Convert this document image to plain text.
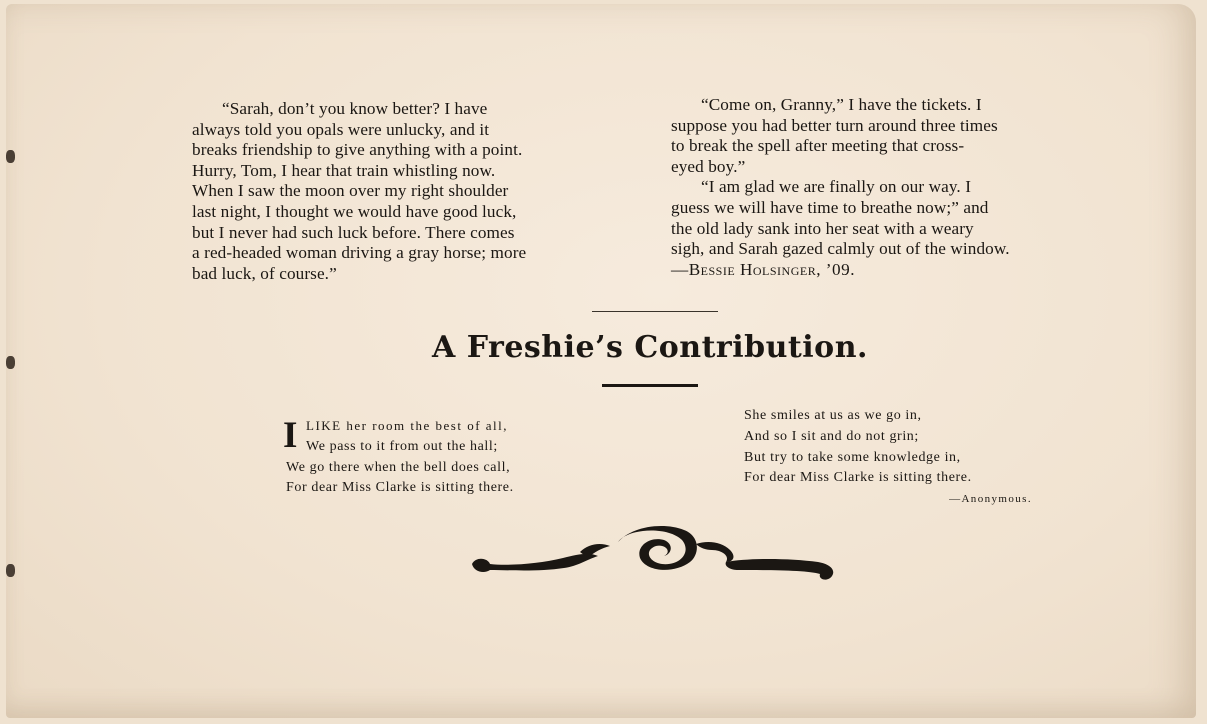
“Sarah, don’t you know better? I have
always told you opals were unlucky, and it
breaks friendship to give anything with a point.
Hurry, Tom, I hear that train whistling now.
When I saw the moon over my right shoulder
last night, I thought we would have good luck,
but I never had such luck before. There comes
a red-headed woman driving a gray horse; more
bad luck, of course.”

“Come on, Granny,” I have the tickets. I
suppose you had better turn around three times
to break the spell after meeting that cross-
eyed boy.”
“I am glad we are finally on our way. I
guess we will have time to breathe now;” and
the old lady sank into her seat with a weary
sigh, and Sarah gazed calmly out of the window.
—Bessie Holsinger, ’09.

A Freshie’s Contribution.
I LIKE her room the best of all,
We pass to it from out the hall;
We go there when the bell does call,
For dear Miss Clarke is sitting there.
She smiles at us as we go in,
And so I sit and do not grin;
But try to take some knowledge in,
For dear Miss Clarke is sitting there.
—Anonymous.
